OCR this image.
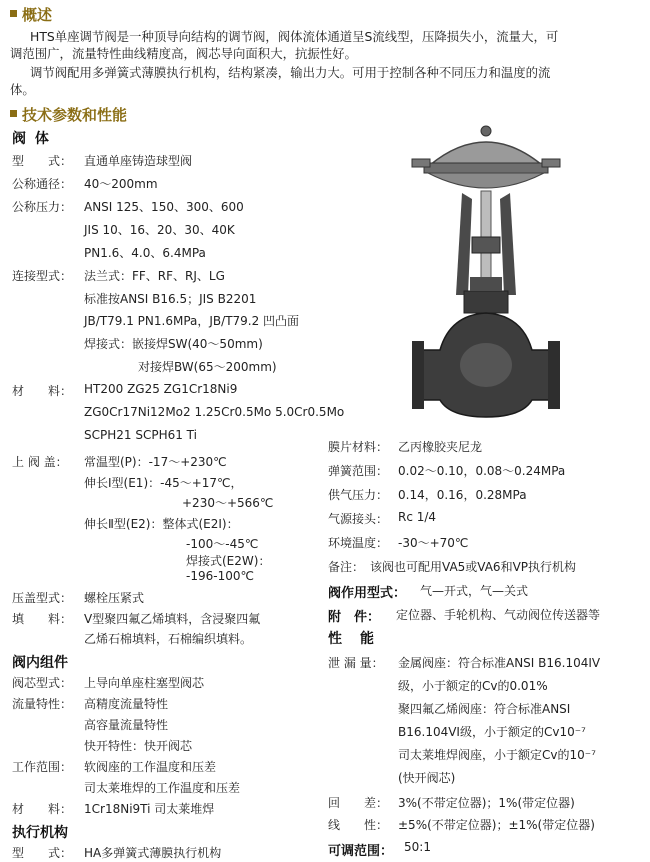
概述
HTS单座调节阀是一种顶导向结构的调节阀，阀体流体通道呈S流线型，压降损失小，流量大，可
调范围广，流量特性曲线精度高，阀芯导向面积大，抗振性好。
调节阀配用多弹簧式薄膜执行机构，结构紧凑，输出力大。可用于控制各种不同压力和温度的流
体。
技术参数和性能
阀 体
型　　式： 直通单座铸造球型阀
公称通径： 40～200mm
公称压力： ANSI 125、150、300、600
JIS 10、16、20、30、40K
PN1.6、4.0、6.4MPa
连接型式： 法兰式：FF、RF、RJ、LG
标准按ANSI B16.5；JIS B2201
JB/T79.1 PN1.6MPa，JB/T79.2 凹凸面
焊接式：嵌接焊SW(40～50mm)
对接焊BW(65～200mm)
材　　料： HT200 ZG25 ZG1Cr18Ni9
ZG0Cr17Ni12Mo2 1.25Cr0.5Mo 5.0Cr0.5Mo
SCPH21 SCPH61 Ti
上 阀 盖： 常温型(P)：-17～+230℃
伸长Ⅰ型(E1)：-45～+17℃，
+230～+566℃
伸长Ⅱ型(E2)：整体式(E2Ⅰ)：
-100～-45℃
焊接式(E2W)：
-196-100℃
压盖型式： 螺栓压紧式
填　　料： V型聚四氟乙烯填料，含浸聚四氟
乙烯石棉填料，石棉编织填料。
阀内组件
阀芯型式： 上导向单座柱塞型阀芯
流量特性： 高精度流量特性
高容量流量特性
快开特性：快开阀芯
工作范围： 软阀座的工作温度和压差
司太莱堆焊的工作温度和压差
材　　料： 1Cr18Ni9Ti 司太莱堆焊
膜片材料： 乙丙橡胶夹尼龙
弹簧范围： 0.02～0.10，0.08～0.24MPa
供气压力： 0.14，0.16，0.28MPa
气源接头： Rc 1/4
环境温度： -30～+70℃
备注： 该阀也可配用VA5或VA6和VP执行机构
阀作用型式： 气—开式，气—关式
附　件： 定位器、手轮机构、气动阀位传送器等
性　能
泄 漏 量： 金属阀座：符合标准ANSI B16.104IV
级，小于额定的Cv的0.01%
聚四氟乙烯阀座：符合标准ANSI
B16.104VI级，小于额定的Cv10⁻⁷
司太莱堆焊阀座，小于额定Cv的10⁻⁷
(快开阀芯)
回　　差： 3%(不带定位器)；1%(带定位器)
线　　性： ±5%(不带定位器)；±1%(带定位器)
可调范围： 50:1
执行机构
型　　式： HA多弹簧式薄膜执行机构
